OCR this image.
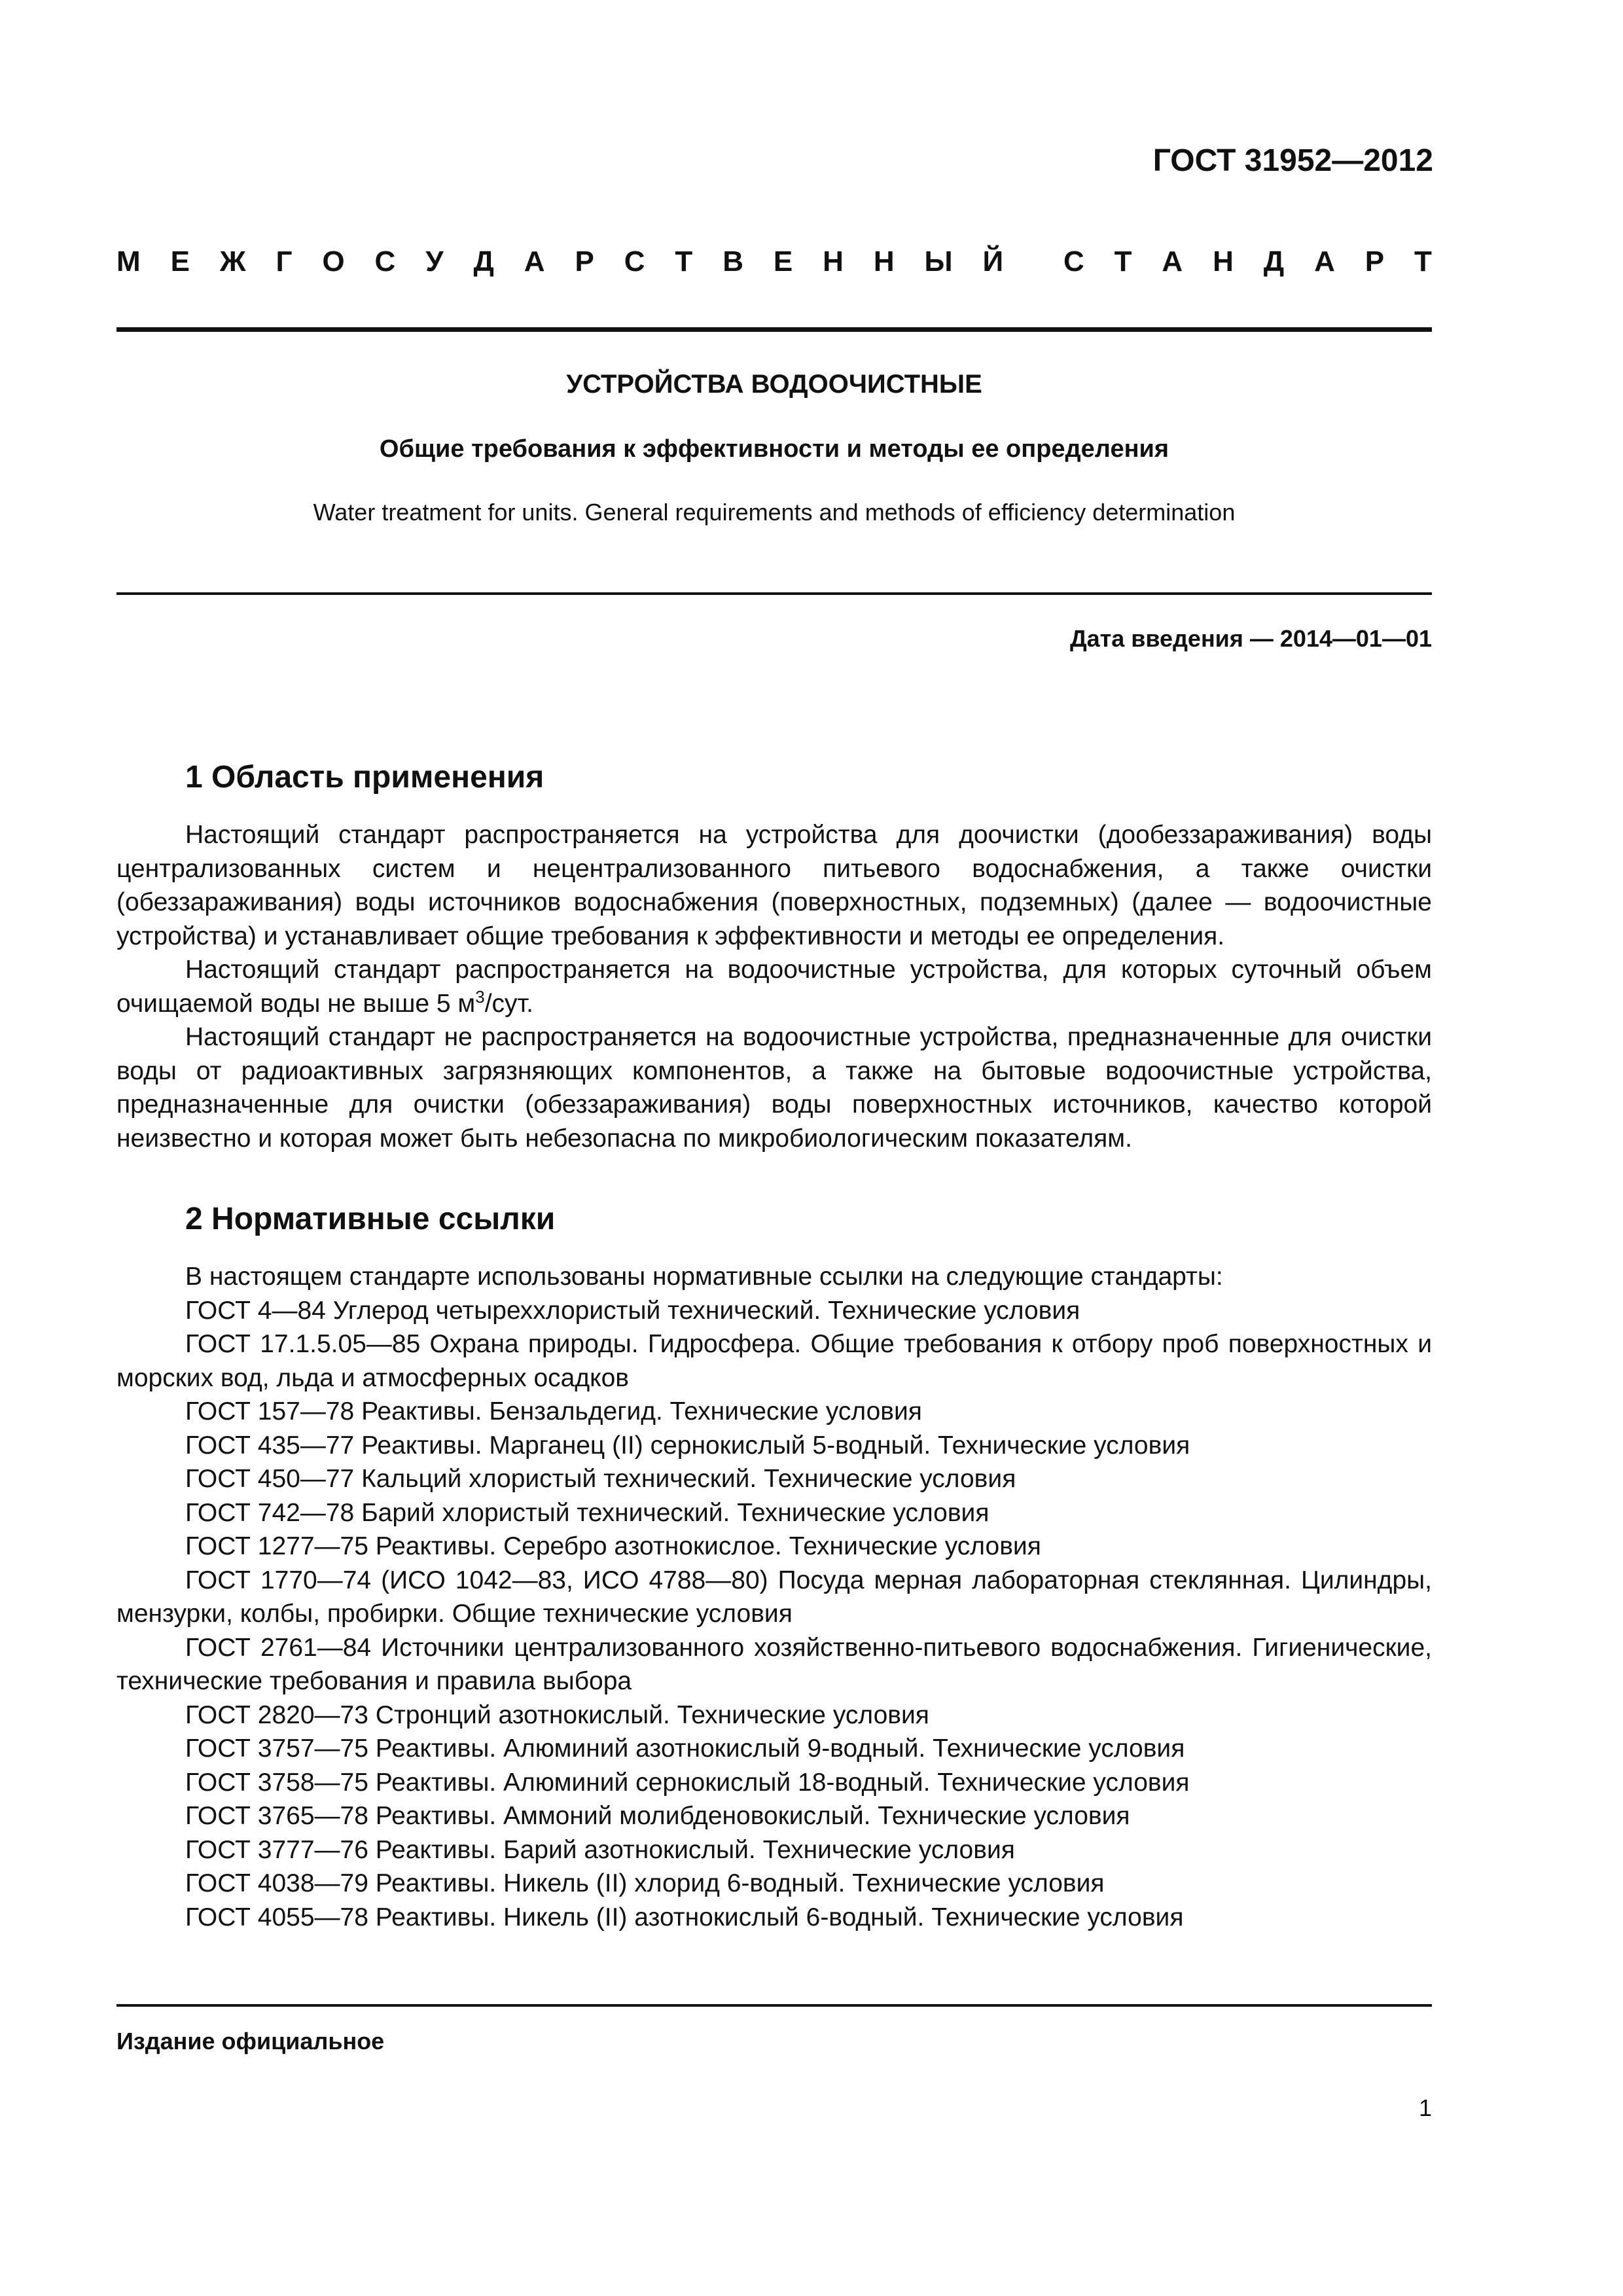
ГОСТ 31952—2012
М Е Ж Г О С У Д А Р С Т В Е Н Н Ы Й С Т А Н Д А Р Т
УСТРОЙСТВА ВОДООЧИСТНЫЕ
Общие требования к эффективности и методы ее определения
Water treatment for units. General requirements and methods of efficiency determination
Дата введения — 2014—01—01
1 Область применения

Настоящий стандарт распространяется на устройства для доочистки (дообеззараживания) воды централизованных систем и нецентрализованного питьевого водоснабжения, а также очистки (обеззараживания) воды источников водоснабжения (поверхностных, подземных) (далее — водоочистные устройства) и устанавливает общие требования к эффективности и методы ее определения.

Настоящий стандарт распространяется на водоочистные устройства, для которых суточный объем очищаемой воды не выше 5 $м^3$/сут.

Настоящий стандарт не распространяется на водоочистные устройства, предназначенные для очистки воды от радиоактивных загрязняющих компонентов, а также на бытовые водоочистные устройства, предназначенные для очистки (обеззараживания) воды поверхностных источников, качество которой неизвестно и которая может быть небезопасна по микробиологическим показателям.

2 Нормативные ссылки

В настоящем стандарте использованы нормативные ссылки на следующие стандарты:

ГОСТ 4—84 Углерод четыреххлористый технический. Технические условия

ГОСТ 17.1.5.05—85 Охрана природы. Гидросфера. Общие требования к отбору проб поверхностных и морских вод, льда и атмосферных осадков

ГОСТ 157—78 Реактивы. Бензальдегид. Технические условия

ГОСТ 435—77 Реактивы. Марганец (II) сернокислый 5-водный. Технические условия

ГОСТ 450—77 Кальций хлористый технический. Технические условия

ГОСТ 742—78 Барий хлористый технический. Технические условия

ГОСТ 1277—75 Реактивы. Серебро азотнокислое. Технические условия

ГОСТ 1770—74 (ИСО 1042—83, ИСО 4788—80) Посуда мерная лабораторная стеклянная. Цилиндры, мензурки, колбы, пробирки. Общие технические условия

ГОСТ 2761—84 Источники централизованного хозяйственно-питьевого водоснабжения. Гигиенические, технические требования и правила выбора

ГОСТ 2820—73 Стронций азотнокислый. Технические условия

ГОСТ 3757—75 Реактивы. Алюминий азотнокислый 9-водный. Технические условия

ГОСТ 3758—75 Реактивы. Алюминий сернокислый 18-водный. Технические условия

ГОСТ 3765—78 Реактивы. Аммоний молибденовокислый. Технические условия

ГОСТ 3777—76 Реактивы. Барий азотнокислый. Технические условия

ГОСТ 4038—79 Реактивы. Никель (II) хлорид 6-водный. Технические условия

ГОСТ 4055—78 Реактивы. Никель (II) азотнокислый 6-водный. Технические условия

Издание официальное
1
